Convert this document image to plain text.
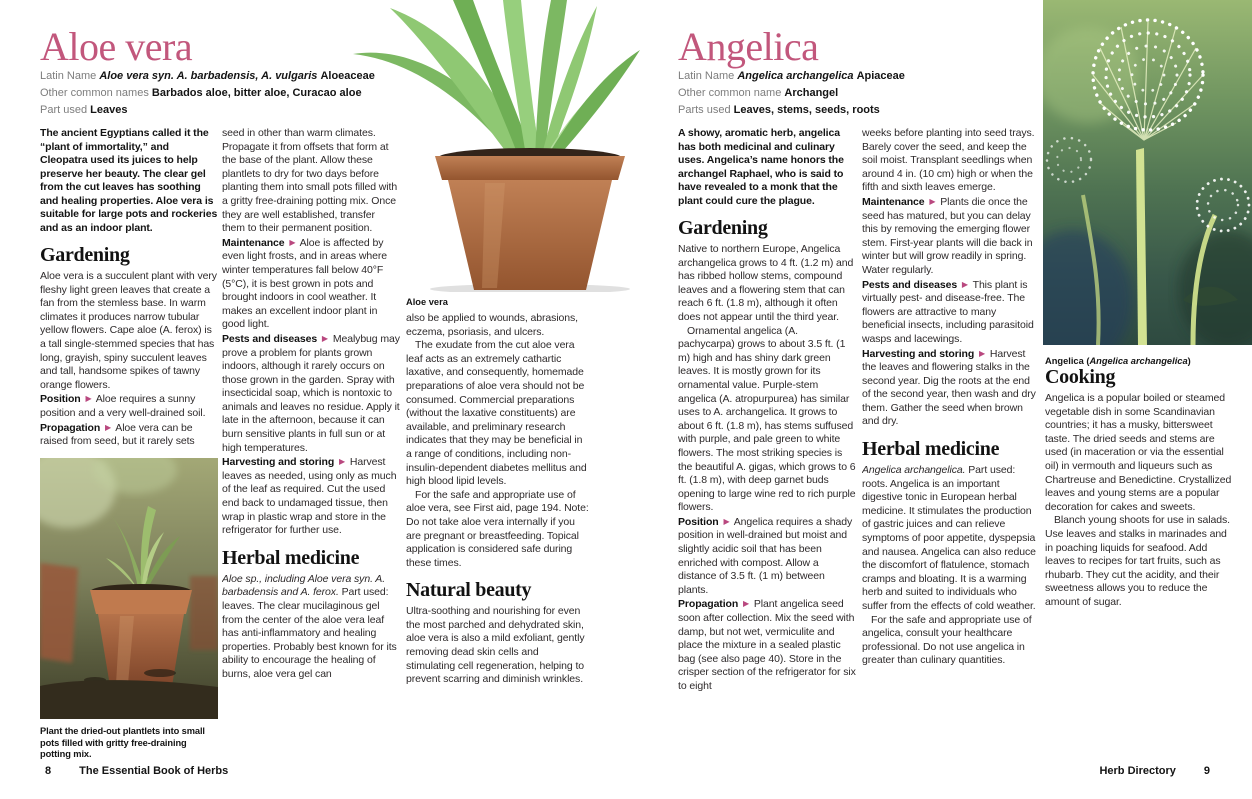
Aloe vera
Latin Name Aloe vera syn. A. barbadensis, A. vulgaris Aloeaceae
Other common names Barbados aloe, bitter aloe, Curacao aloe
Part used Leaves

The ancient Egyptians called it the “plant of immortality,” and Cleopatra used its juices to help preserve her beauty. The clear gel from the cut leaves has soothing and healing properties. Aloe vera is suitable for large pots and rockeries and as an indoor plant.

Gardening

Aloe vera is a succulent plant with very fleshy light green leaves that create a fan from the stemless base. In warm climates it produces narrow tubular yellow flowers. Cape aloe (A. ferox) is a tall single-stemmed species that has long, grayish, spiny succulent leaves and tall, handsome spikes of tawny orange flowers.

Position ▶ Aloe requires a sunny position and a very well-drained soil.

Propagation ▶ Aloe vera can be raised from seed, but it rarely sets

Plant the dried-out plantlets into small pots filled with gritty free-draining potting mix.

seed in other than warm climates. Propagate it from offsets that form at the base of the plant. Allow these plantlets to dry for two days before planting them into small pots filled with a gritty free-draining potting mix. Once they are well established, transfer them to their permanent position.

Maintenance ▶ Aloe is affected by even light frosts, and in areas where winter temperatures fall below 40°F (5°C), it is best grown in pots and brought indoors in cool weather. It makes an excellent indoor plant in good light.

Pests and diseases ▶ Mealybug may prove a problem for plants grown indoors, although it rarely occurs on those grown in the garden. Spray with insecticidal soap, which is nontoxic to animals and leaves no residue. Apply it late in the afternoon, because it can burn sensitive plants in full sun or at high temperatures.

Harvesting and storing ▶ Harvest leaves as needed, using only as much of the leaf as required. Cut the used end back to undamaged tissue, then wrap in plastic wrap and store in the refrigerator for further use.

Herbal medicine

Aloe sp., including Aloe vera syn. A. barbadensis and A. ferox. Part used: leaves. The clear mucilaginous gel from the center of the aloe vera leaf has anti-inflammatory and healing properties. Probably best known for its ability to encourage the healing of burns, aloe vera gel can

Aloe vera

also be applied to wounds, abrasions, eczema, psoriasis, and ulcers.

The exudate from the cut aloe vera leaf acts as an extremely cathartic laxative, and consequently, homemade preparations of aloe vera should not be consumed. Commercial preparations (without the laxative constituents) are available, and preliminary research indicates that they may be beneficial in a range of conditions, including non-insulin-dependent diabetes mellitus and high blood lipid levels.

For the safe and appropriate use of aloe vera, see First aid, page 194. Note: Do not take aloe vera internally if you are pregnant or breastfeeding. Topical application is considered safe during these times.

Natural beauty

Ultra-soothing and nourishing for even the most parched and dehydrated skin, aloe vera is also a mild exfoliant, gently removing dead skin cells and stimulating cell regeneration, helping to prevent scarring and diminish wrinkles.

8	The Essential Book of Herbs
Angelica
Latin Name Angelica archangelica Apiaceae
Other common name Archangel
Parts used Leaves, stems, seeds, roots

A showy, aromatic herb, angelica has both medicinal and culinary uses. Angelica’s name honors the archangel Raphael, who is said to have revealed to a monk that the plant could cure the plague.

Gardening

Native to northern Europe, Angelica archangelica grows to 4 ft. (1.2 m) and has ribbed hollow stems, compound leaves and a flowering stem that can reach 6 ft. (1.8 m), although it often does not appear until the third year.

Ornamental angelica (A. pachycarpa) grows to about 3.5 ft. (1 m) high and has shiny dark green leaves. It is mostly grown for its ornamental value. Purple-stem angelica (A. atropurpurea) has similar uses to A. archangelica. It grows to about 6 ft. (1.8 m), has stems suffused with purple, and pale green to white flowers. The most striking species is the beautiful A. gigas, which grows to 6 ft. (1.8 m), with deep garnet buds opening to large wine red to rich purple flowers.

Position ▶ Angelica requires a shady position in well-drained but moist and slightly acidic soil that has been enriched with compost. Allow a distance of 3.5 ft. (1 m) between plants.

Propagation ▶ Plant angelica seed soon after collection. Mix the seed with damp, but not wet, vermiculite and place the mixture in a sealed plastic bag (see also page 40). Store in the crisper section of the refrigerator for six to eight

weeks before planting into seed trays. Barely cover the seed, and keep the soil moist. Transplant seedlings when around 4 in. (10 cm) high or when the fifth and sixth leaves emerge.

Maintenance ▶ Plants die once the seed has matured, but you can delay this by removing the emerging flower stem. First-year plants will die back in winter but will grow readily in spring. Water regularly.

Pests and diseases ▶ This plant is virtually pest- and disease-free. The flowers are attractive to many beneficial insects, including parasitoid wasps and lacewings.

Harvesting and storing ▶ Harvest the leaves and flowering stalks in the second year. Dig the roots at the end of the second year, then wash and dry them. Gather the seed when brown and dry.

Herbal medicine

Angelica archangelica. Part used: roots. Angelica is an important digestive tonic in European herbal medicine. It stimulates the production of gastric juices and can relieve symptoms of poor appetite, dyspepsia and nausea. Angelica can also reduce the discomfort of flatulence, stomach cramps and bloating. It is a warming herb and suited to individuals who suffer from the effects of cold weather.

For the safe and appropriate use of angelica, consult your healthcare professional. Do not use angelica in greater than culinary quantities.

Angelica (Angelica archangelica)

Cooking

Angelica is a popular boiled or steamed vegetable dish in some Scandinavian countries; it has a musky, bittersweet taste. The dried seeds and stems are used (in maceration or via the essential oil) in vermouth and liqueurs such as Chartreuse and Benedictine. Crystallized leaves and young stems are a popular decoration for cakes and sweets.

Blanch young shoots for use in salads. Use leaves and stalks in marinades and in poaching liquids for seafood. Add leaves to recipes for tart fruits, such as rhubarb. They cut the acidity, and their sweetness allows you to reduce the amount of sugar.

Herb Directory	9
